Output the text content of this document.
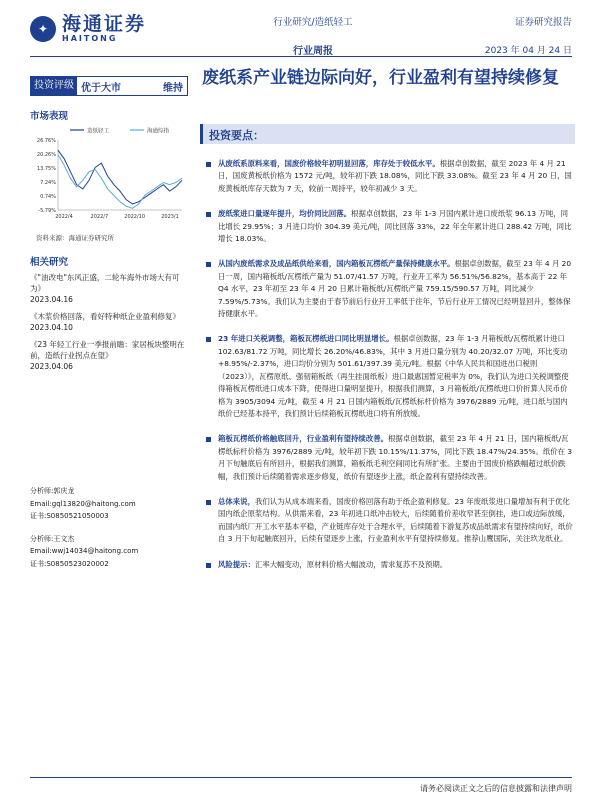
✦ 海通证券
HAITONG
行业研究/造纸轻工
行业周报
证券研究报告
2023 年 04 月 24 日
投资评级 优于大市	维持 废纸系产业链边际向好，行业盈利有望持续修复
市场表现
造纸轻工	海通综指
26.76%
20.26%
13.75%
7.24%
0.74%
-5.79%
2022/4	2022/7	2022/10	2023/1
资料来源：海通证券研究所
相关研究
《"油改电"东风正盛，二轮车海外市场大有可为》
2023.04.16
《木浆价格回落，看好特种纸企业盈利修复》
2023.04.10
《23 年轻工行业一季报前瞻：家居板块整明在前，造纸行业拐点在望》
2023.04.06
分析师:郭庆龙
Email:gql13820@haitong.com
证书:S0850521050003
分析师:王文杰
Email:wwj14034@haitong.com
证书:S0850523020002
投资要点：
从废纸系原料来看，国废价格较年初明显回落，库存处于较低水平。根据卓创数据，截至 2023 年 4 月 21 日，国废黄板纸价格为 1572 元/吨，较年初下跌 18.08%，同比下跌 33.08%。截至 23 年 4 月 20 日，国废黄板纸库存天数为 7 天，较前一周持平，较年初减少 3 天。
废纸浆进口量逐年提升，均价同比回落。根据卓创数据，23 年 1-3 月国内累计进口废纸浆 96.13 万吨，同比增长 29.95%；3 月进口均价 304.39 美元/吨，同比回落 33%，22 年全年累计进口 288.42 万吨，同比增长 18.03%。
从国内废纸需求及成品纸供给来看，国内箱板瓦楞纸产量保持健康水平。根据卓创数据，截至 23 年 4 月 20 日一周，国内箱板纸/瓦楞纸产量为 51.07/41.57 万吨，行业开工率为 56.51%/56.82%，基本高于 22 年 Q4 水平，23 年初至 23 年 4 月 20 日累计箱板纸/瓦楞纸产量 759.15/590.57 万吨，同比减少 7.59%/5.73%。我们认为主要由于春节前后行业开工率低于往年，节后行业开工情况已经明显回升，整体保持健康水平。
23 年进口关税调整，箱板瓦楞纸进口同比明显增长。根据卓创数据，23 年 1-3 月箱板纸/瓦楞纸累计进口 102.63/81.72 万吨，同比增长 26.20%/46.83%，其中 3 月进口量分别为 40.20/32.07 万吨，环比变动+8.95%/-2.37%，进口均价分别为 501.61/397.39 美元/吨。根据《中华人民共和国进出口税则（2023）》，瓦楞原纸、强韧箱板纸（再生挂面纸板）进口最惠国暂定税率为 0%，我们认为进口关税调整使得箱板瓦楞纸进口成本下降，使得进口量明显提升，根据我们测算，3 月箱板纸/瓦楞纸进口价折算人民币价格为 3905/3094 元/吨，截至 4 月 21 日国内箱板纸/瓦楞纸标杆价格为 3976/2889 元/吨，进口纸与国内纸价已经基本持平，我们预计后续箱板瓦楞纸进口将有所放缓。
箱板瓦楞纸价格触底回升，行业盈利有望持续改善。根据卓创数据，截至 23 年 4 月 21 日，国内箱板纸/瓦楞纸标杆价格为 3976/2889 元/吨，较年初下跌 10.15%/11.37%，同比下跌 18.47%/24.35%。纸价在 3 月下旬触底后有所回升，根据我们测算，箱板纸毛利空间同比有所扩张。主要由于国废价格跌幅超过纸价跌幅，我们预计后续随着需求逐步修复，纸价有望逐步上涨，纸企盈利有望持续改善。
总体来说，我们认为从成本端来看，国废价格回落有助于纸企盈利修复。23 年废纸浆进口量增加有利于优化国内纸企原浆结构。从供需来看，23 年初进口纸冲击较大，后续随着价差收窄甚至倒挂，进口或边际放缓，而国内纸厂开工水平基本平稳，产业链库存处于合理水平，后续随着下游复苏成品纸需求有望持续向好，纸价自 3 月下旬起触底回升，后续有望逐步上涨，行业盈利水平有望持续修复。推荐山鹰国际，关注玖龙纸业。
风险提示：汇率大幅变动，原材料价格大幅波动，需求复苏不及预期。
请务必阅读正文之后的信息披露和法律声明
